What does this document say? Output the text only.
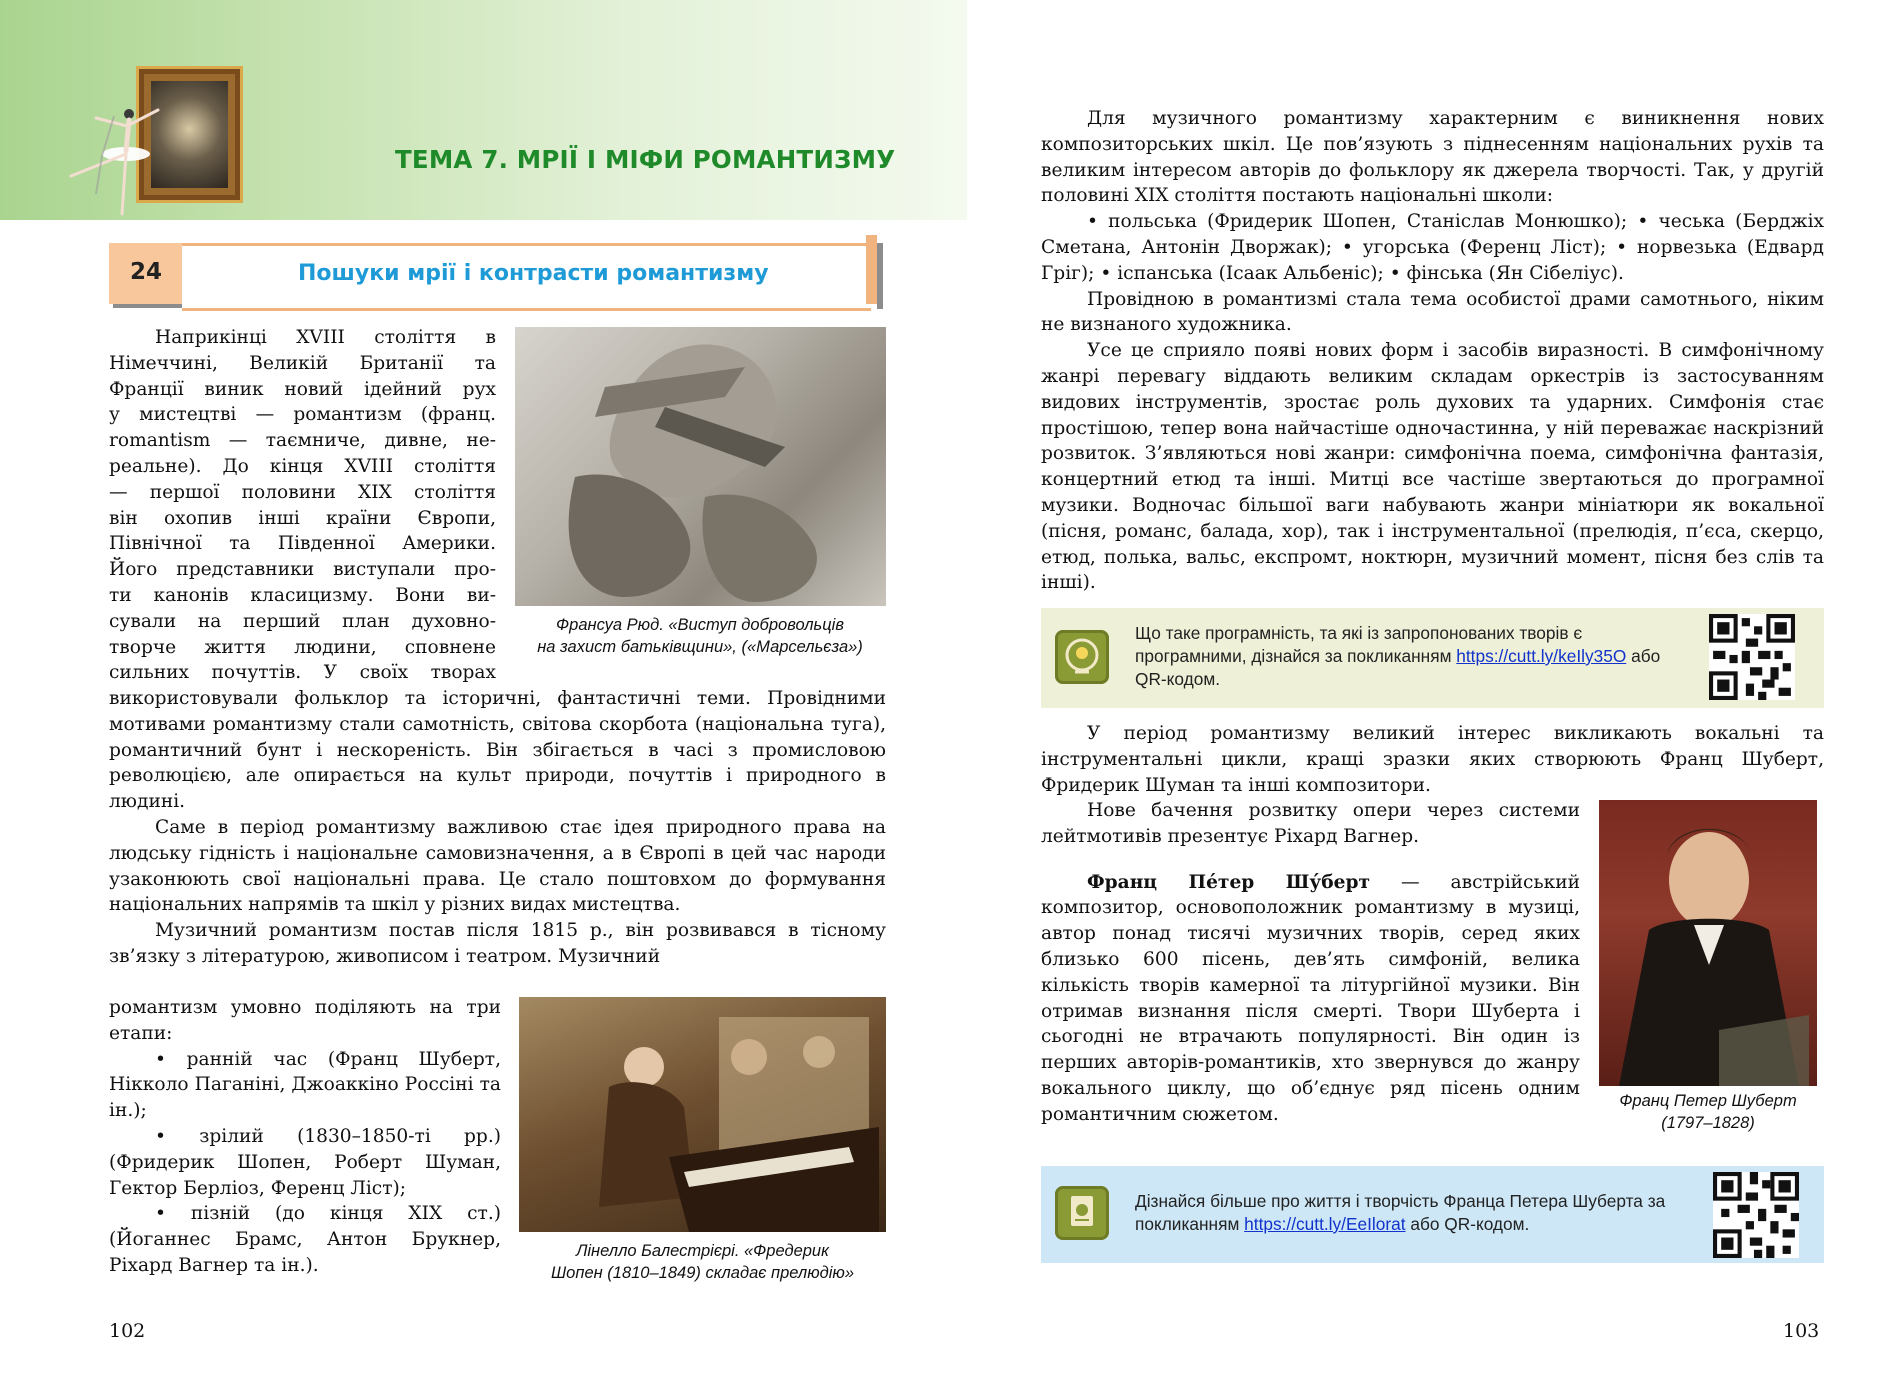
ТЕМА 7. МРІЇ І МІФИ РОМАНТИЗМУ
24	Пошуки мрії і контрасти романтизму
Наприкінці XVIII століття в
Німеччині, Великій Британії та
Франції виник новий ідейний рух
у мистецтві — романтизм (франц.
romantism — таємниче, дивне, не-
реальне). До кінця XVIII століття
— першої половини XIX століття
він охопив інші країни Європи,
Північної та Південної Америки.
Його представники виступали про-
ти канонів класицизму. Вони ви-
сували на перший план духовно-
творче життя людини, сповнене
сильних почуттів. У своїх творах
Франсуа Рюд. «Виступ добровольців
на захист батьківщини», («Марсельєза»)

використовували фольклор та історичні, фантастичні теми. Провідними мотивами романтизму стали самотність, світова скорбота (національна туга), романтичний бунт і нескореність. Він збігається в часі з промисловою революцією, але опирається на культ природи, почуттів і природного в людині.

Саме в період романтизму важливою стає ідея природного права на людську гідність і національне самовизначення, а в Європі в цей час народи узаконюють свої національні права. Це стало поштовхом до формування національних напрямів та шкіл у різних видах мистецтва.

Музичний романтизм постав після 1815 р., він розвивався в тісному зв’язку з літературою, живописом і театром. Музичний

романтизм умовно поділяють на три етапи:

• ранній час (Франц Шуберт, Нікколо Паганіні, Джоаккіно Россіні та ін.);

• зрілий (1830–1850-ті рр.) (Фридерик Шопен, Роберт Шуман, Гектор Берліоз, Ференц Ліст);

• пізній (до кінця XIX ст.) (Йоганнес Брамс, Антон Брукнер, Ріхард Вагнер та ін.).

Лінелло Балестрієрі. «Фредерик
Шопен (1810–1849) складає прелюдію»
102

Для музичного романтизму характерним є виникнення нових композиторських шкіл. Це пов’язують з піднесенням національних рухів та великим інтересом авторів до фольклору як джерела творчості. Так, у другій половині XIX століття постають національні школи:

• польська (Фридерик Шопен, Станіслав Монюшко); • чеська (Берджіх Сметана, Антонін Дворжак); • угорська (Ференц Ліст); • норвезька (Едвард Гріг); • іспанська (Ісаак Альбеніс); • фінська (Ян Сібеліус).

Провідною в романтизмі стала тема особистої драми самотнього, ніким не визнаного художника.

Усе це сприяло появі нових форм і засобів виразності. В симфонічному жанрі перевагу віддають великим складам оркестрів із застосуванням видових інструментів, зростає роль духових та ударних. Симфонія стає простішою, тепер вона найчастіше одночастинна, у ній переважає наскрізний розвиток. З’являються нові жанри: симфонічна поема, симфонічна фантазія, концертний етюд та інші. Митці все частіше звертаються до програмної музики. Водночас більшої ваги набувають жанри мініатюри як вокальної (пісня, романс, балада, хор), так і інструментальної (прелюдія, п’єса, скерцо, етюд, полька, вальс, експромт, ноктюрн, музичний момент, пісня без слів та інші).

Що таке програмність, та які із запропонованих творів є програмними, дізнайся за покликанням https://cutt.ly/keIly35O або QR-кодом.

У період романтизму великий інтерес викликають вокальні та інструментальні цикли, кращі зразки яких створюють Франц Шуберт, Фридерик Шуман та інші композитори.

Нове бачення розвитку опери через системи лейтмотивів презентує Ріхард Вагнер.

Франц Пе́тер Шу́берт — австрійський композитор, основоположник романтизму в музиці, автор понад тисячі музичних творів, серед яких близько 600 пісень, дев’ять симфоній, велика кількість творів камерної та літургійної музики. Він отримав визнання після смерті. Твори Шуберта і сьогодні не втрачають популярності. Він один із перших авторів-романтиків, хто звернувся до жанру вокального циклу, що об’єднує ряд пісень одним романтичним сюжетом.

Франц Петер Шуберт
(1797–1828)
Дізнайся більше про життя і творчість Франца Петера Шуберта за покликанням https://cutt.ly/EeIlorat або QR-кодом.
103
